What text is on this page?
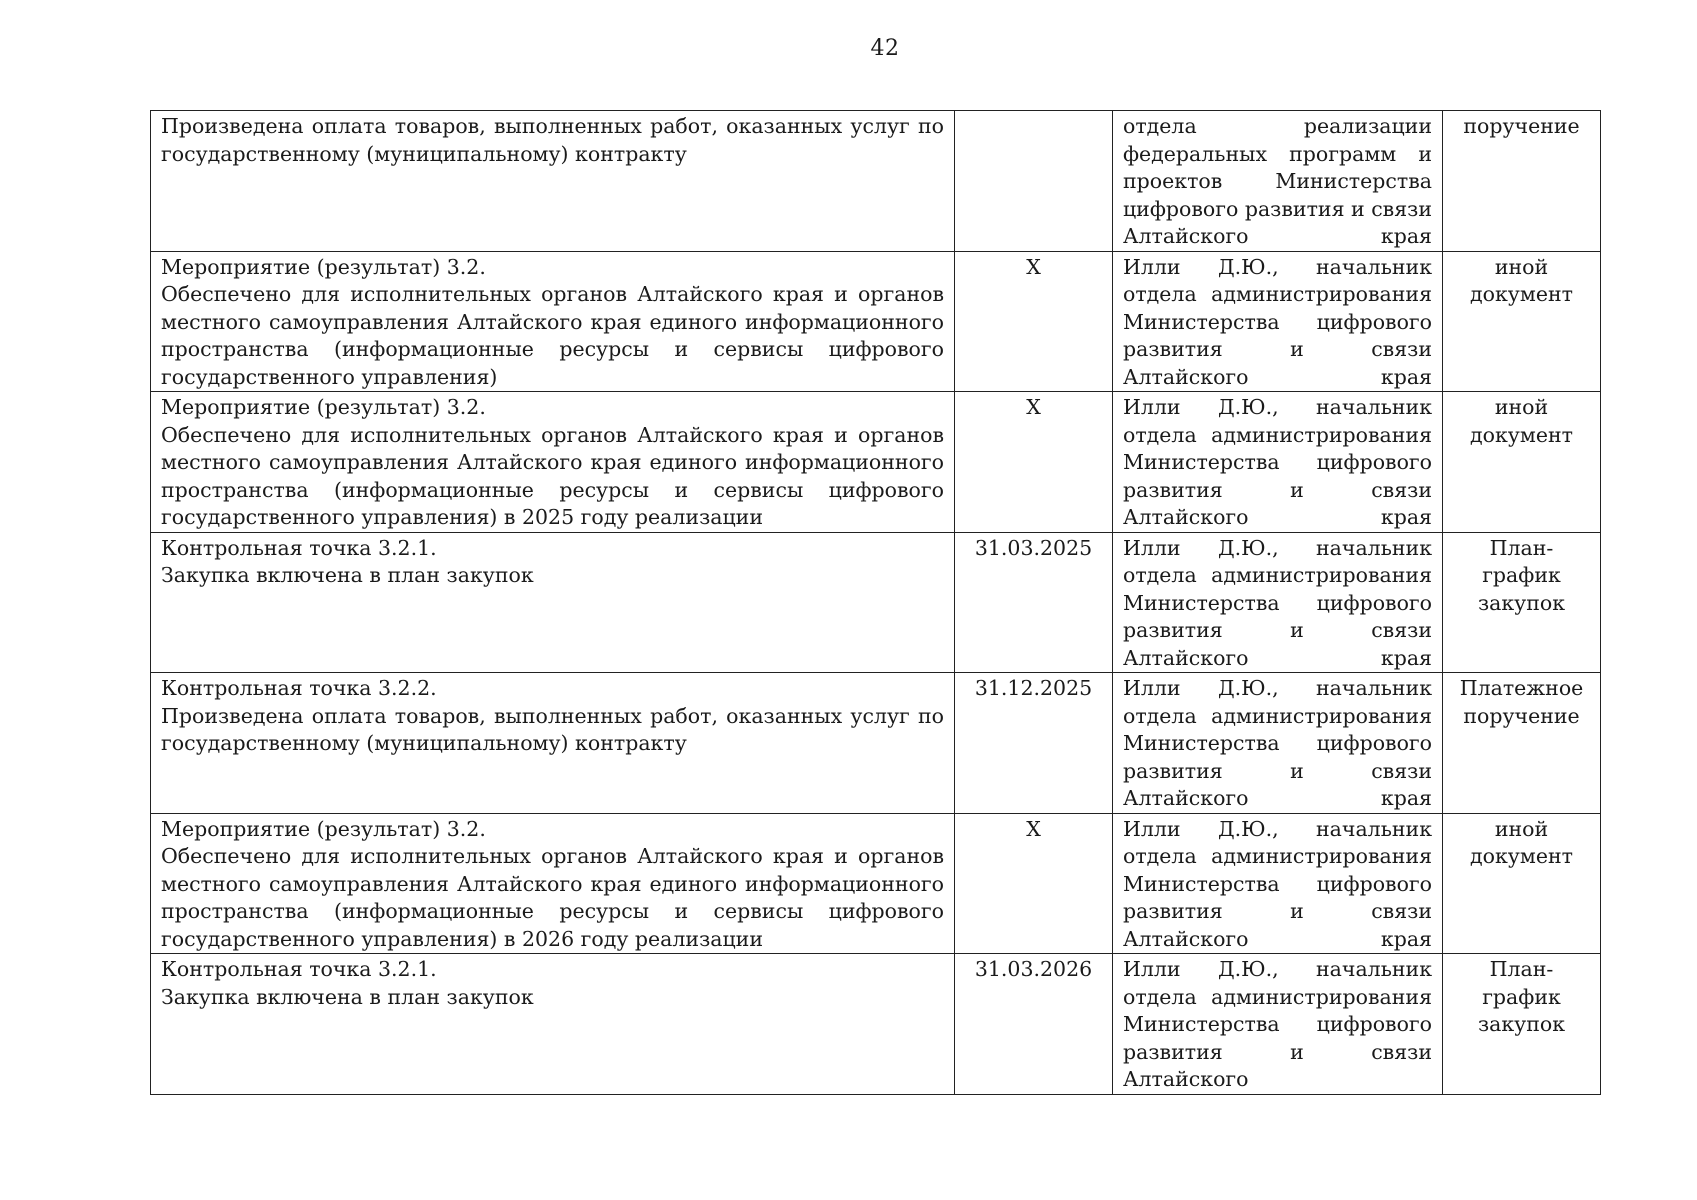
42
Произведена оплата товаров, выполненных работ, оказанных услуг по государственному (муниципальному) контракту		отдела реализации федеральных программ и проектов Министерства цифрового развития и связи Алтайского края	поручение

Мероприятие (результат) 3.2.
Обеспечено для исполнительных органов Алтайского края и органов местного самоуправления Алтайского края единого информационного пространства (информационные ресурсы и сервисы цифрового государственного управления)	Х	Илли Д.Ю., начальник отдела администрирования Министерства цифрового развития и связи Алтайского края	иной документ

Мероприятие (результат) 3.2.
Обеспечено для исполнительных органов Алтайского края и органов местного самоуправления Алтайского края единого информационного пространства (информационные ресурсы и сервисы цифрового государственного управления) в 2025 году реализации	Х	Илли Д.Ю., начальник отдела администрирования Министерства цифрового развития и связи Алтайского края	иной документ

Контрольная точка 3.2.1.
Закупка включена в план закупок	31.03.2025	Илли Д.Ю., начальник отдела администрирования Министерства цифрового развития и связи Алтайского края	План-график закупок

Контрольная точка 3.2.2.
Произведена оплата товаров, выполненных работ, оказанных услуг по государственному (муниципальному) контракту	31.12.2025	Илли Д.Ю., начальник отдела администрирования Министерства цифрового развития и связи Алтайского края	Платежное поручение

Мероприятие (результат) 3.2.
Обеспечено для исполнительных органов Алтайского края и органов местного самоуправления Алтайского края единого информационного пространства (информационные ресурсы и сервисы цифрового государственного управления) в 2026 году реализации	Х	Илли Д.Ю., начальник отдела администрирования Министерства цифрового развития и связи Алтайского края	иной документ

Контрольная точка 3.2.1.
Закупка включена в план закупок	31.03.2026	Илли Д.Ю., начальник отдела администрирования Министерства цифрового развития и связи Алтайского	План-график закупок
